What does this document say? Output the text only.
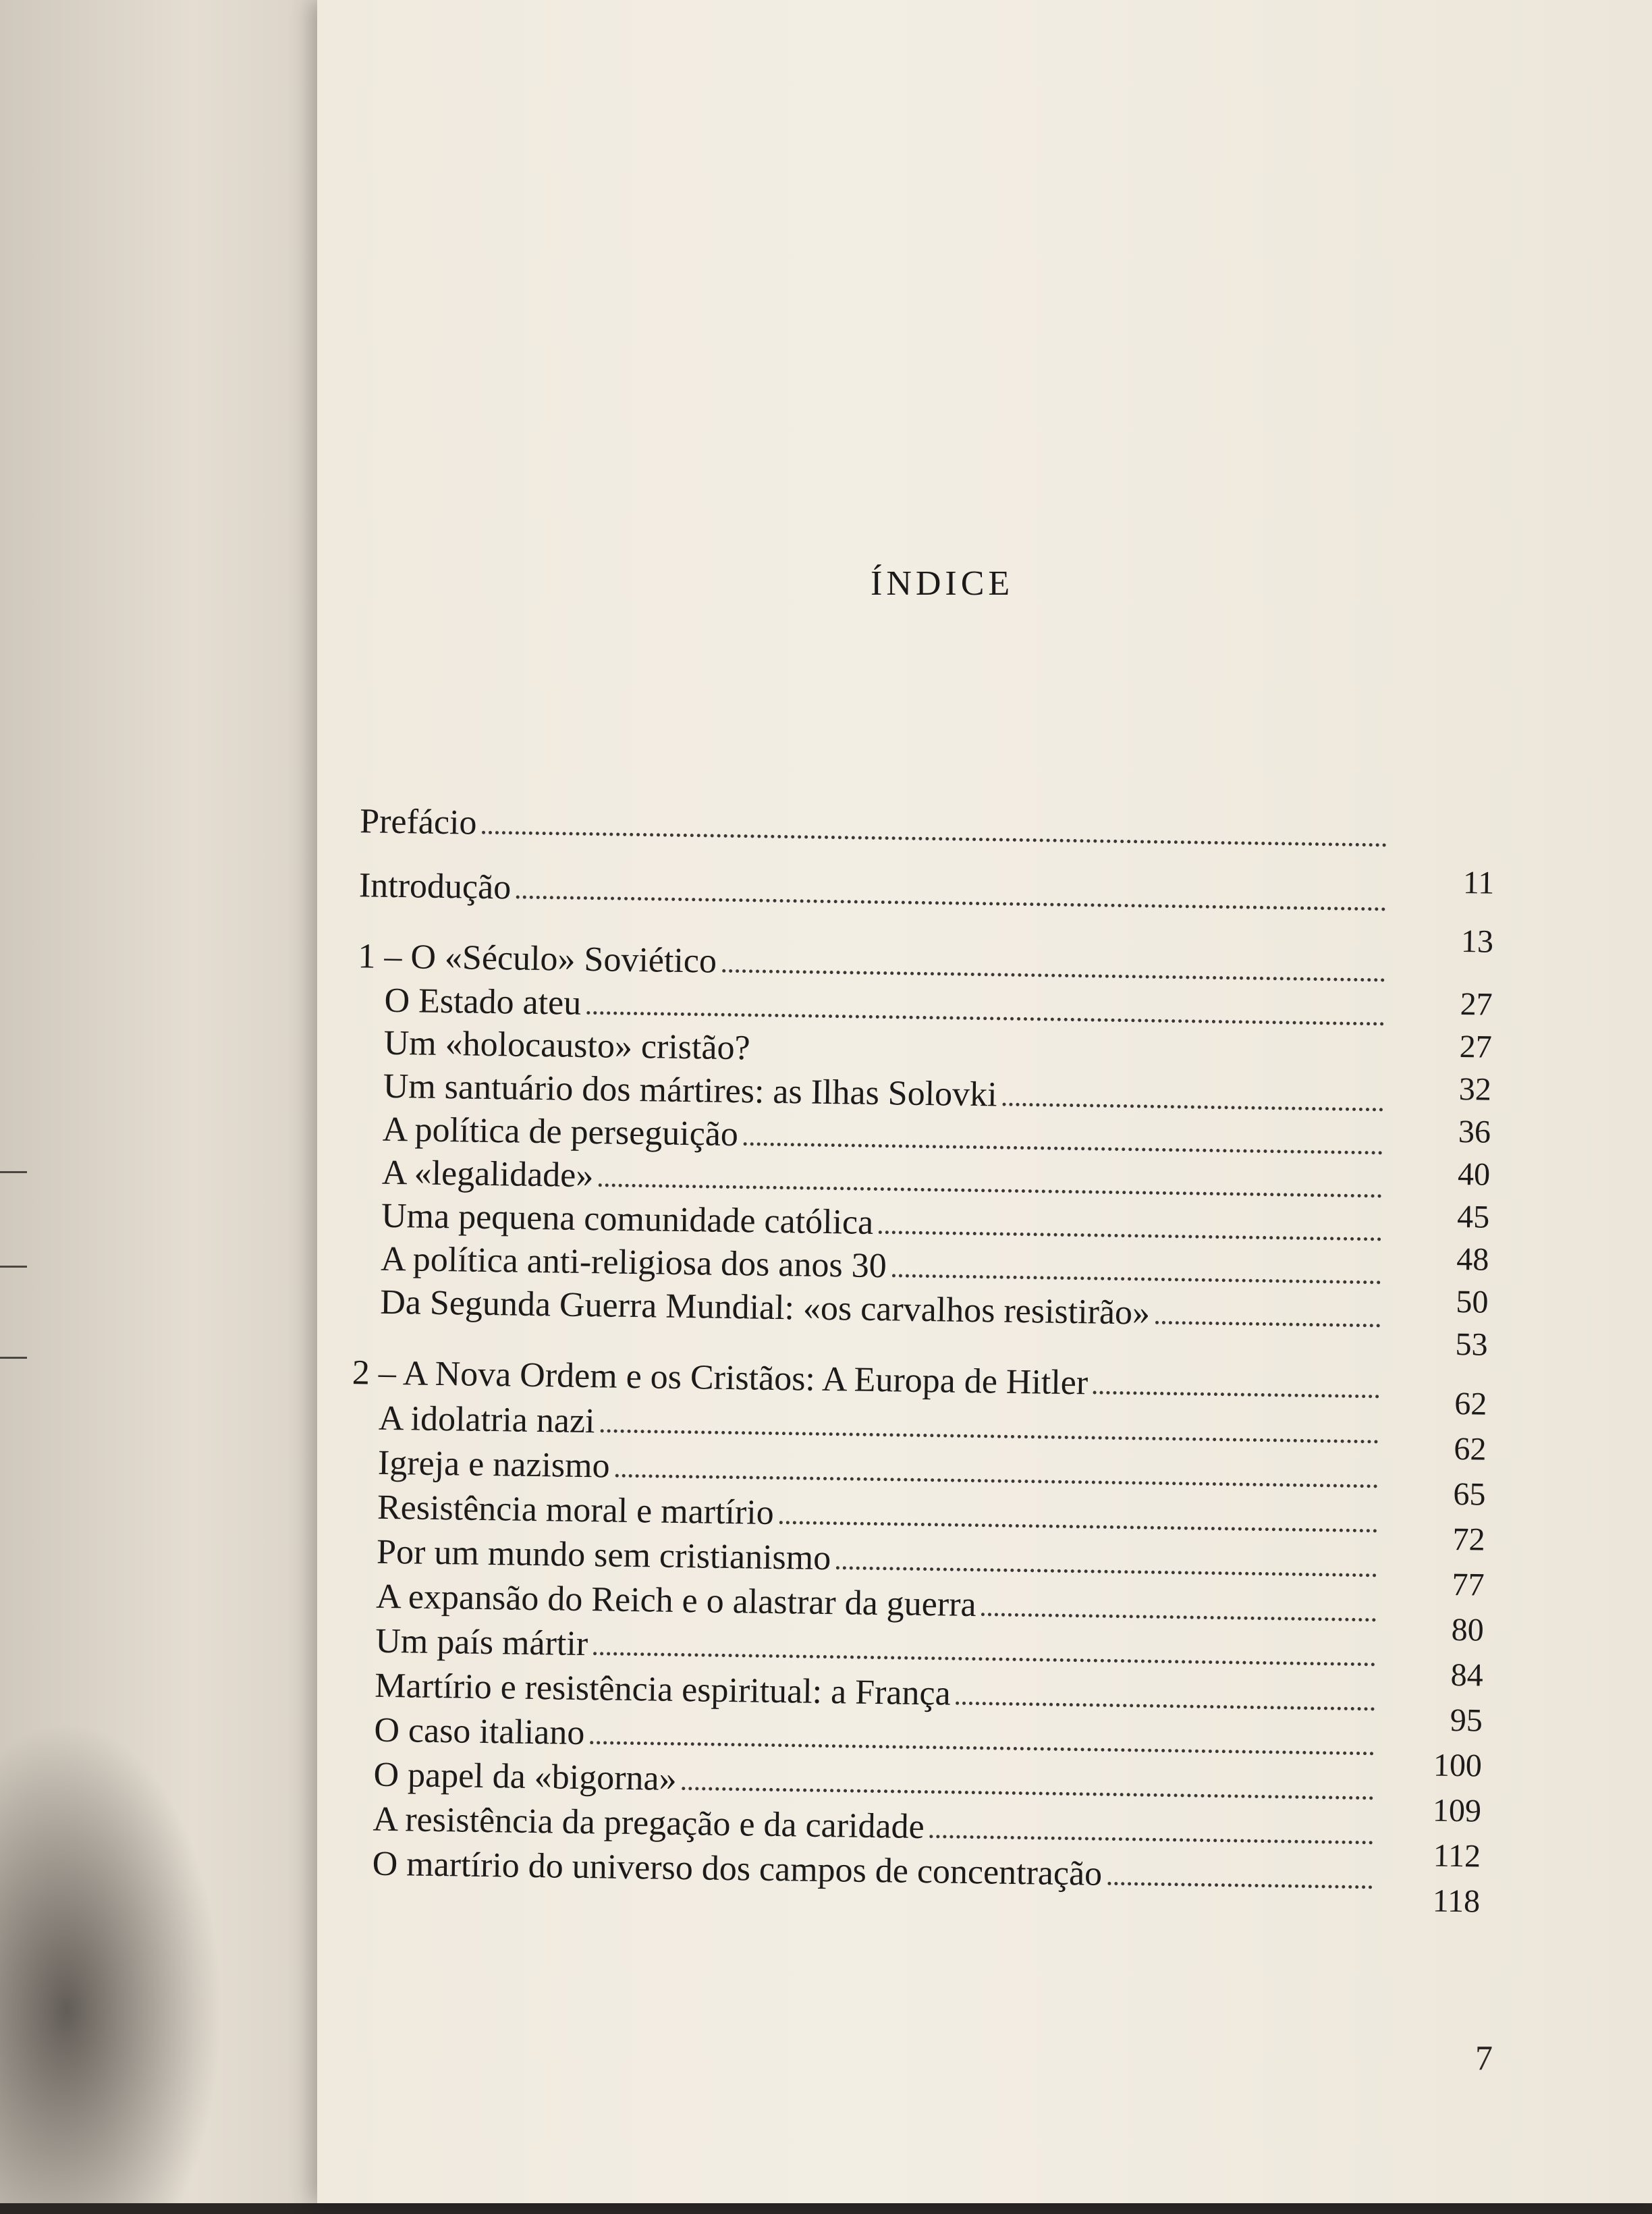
ÍNDICE
Prefácio
Introdução
1 – O «Século» Soviético
O Estado ateu
Um «holocausto» cristão?
Um santuário dos mártires: as Ilhas Solovki
A política de perseguição
A «legalidade»
Uma pequena comunidade católica
A política anti-religiosa dos anos 30
Da Segunda Guerra Mundial: «os carvalhos resistirão»
2 – A Nova Ordem e os Cristãos: A Europa de Hitler
A idolatria nazi
Igreja e nazismo
Resistência moral e martírio
Por um mundo sem cristianismo
A expansão do Reich e o alastrar da guerra
Um país mártir
Martírio e resistência espiritual: a França
O caso italiano
O papel da «bigorna»
A resistência da pregação e da caridade
O martírio do universo dos campos de concentração
11
13
27
27
32
36
40
45
48
50
53
62
62
65
72
77
80
84
95
100
109
112
118
7
